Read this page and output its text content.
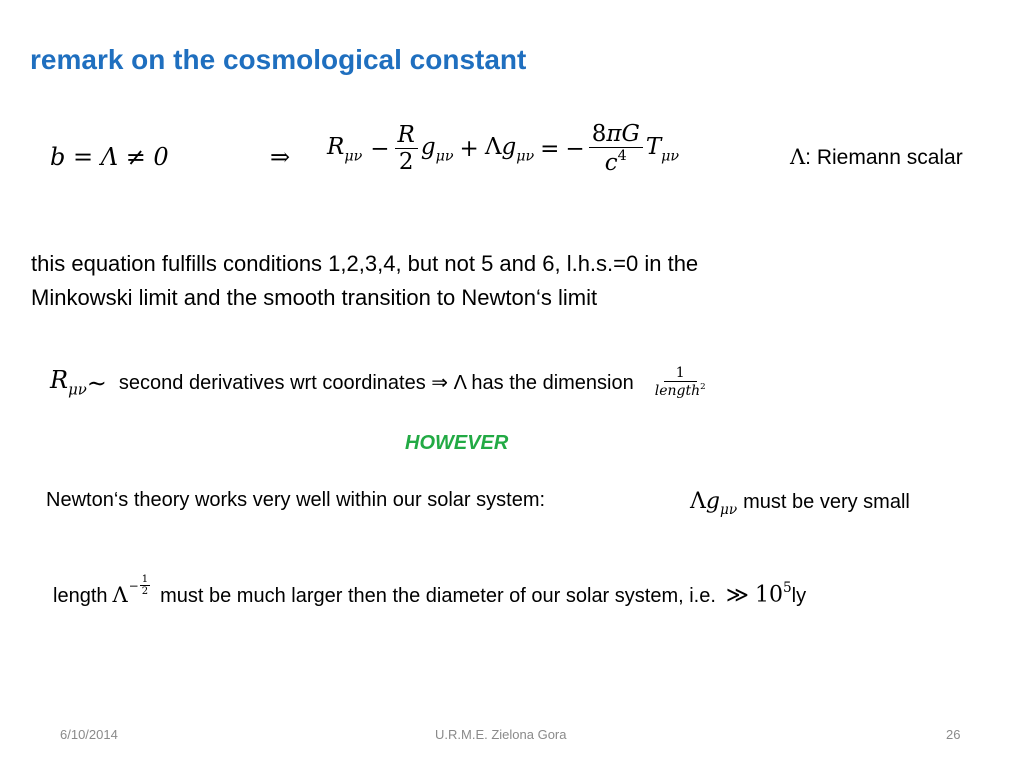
remark on the cosmological constant
b = Λ ≠ 0	⇒ $R_{\mu\nu} - \frac{R}{2} g_{\mu\nu} + \Lambda g_{\mu\nu}$ = − $\frac{8\pi G}{c^4} T_{\mu\nu}$	Λ: Riemann scalar
this equation fulfills conditions 1,2,3,4, but not 5 and 6, l.h.s.=0 in the
Minkowski limit and the smooth transition to Newton‘s limit
$R_{\mu\nu}$ ∼ second derivatives wrt coordinates ⇒ Λ has the dimension $\frac{1}{length^2}$
HOWEVER
Newton‘s theory works very well within our solar system:	$\Lambda g_{\mu\nu}$ must be very small
length $\Lambda - \frac{1}{2}$ must be much larger then the diameter of our solar system, i.e. ≫ $10^5$ ly
6/10/2014	U.R.M.E. Zielona Gora	26
